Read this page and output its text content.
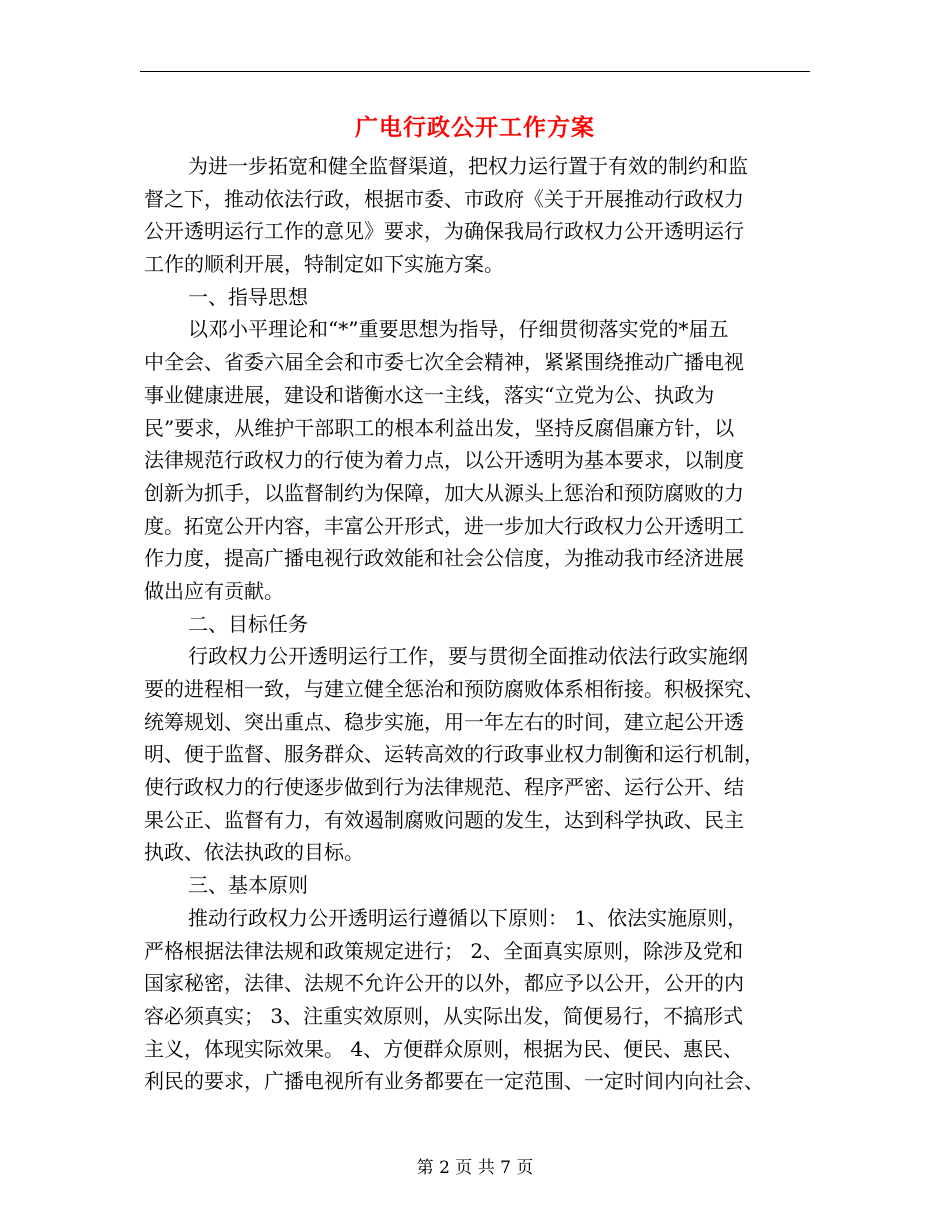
广电行政公开工作方案
为进一步拓宽和健全监督渠道，把权力运行置于有效的制约和监
督之下，推动依法行政，根据市委、市政府《关于开展推动行政权力
公开透明运行工作的意见》要求，为确保我局行政权力公开透明运行
工作的顺利开展，特制定如下实施方案。
一、指导思想
以邓小平理论和“*”重要思想为指导，仔细贯彻落实党的*届五
中全会、省委六届全会和市委七次全会精神，紧紧围绕推动广播电视
事业健康进展，建设和谐衡水这一主线，落实“立党为公、执政为
民”要求，从维护干部职工的根本利益出发，坚持反腐倡廉方针，以
法律规范行政权力的行使为着力点，以公开透明为基本要求，以制度
创新为抓手，以监督制约为保障，加大从源头上惩治和预防腐败的力
度。拓宽公开内容，丰富公开形式，进一步加大行政权力公开透明工
作力度，提高广播电视行政效能和社会公信度，为推动我市经济进展
做出应有贡献。
二、目标任务
行政权力公开透明运行工作，要与贯彻全面推动依法行政实施纲
要的进程相一致，与建立健全惩治和预防腐败体系相衔接。积极探究、
统筹规划、突出重点、稳步实施，用一年左右的时间，建立起公开透
明、便于监督、服务群众、运转高效的行政事业权力制衡和运行机制，
使行政权力的行使逐步做到行为法律规范、程序严密、运行公开、结
果公正、监督有力，有效遏制腐败问题的发生，达到科学执政、民主
执政、依法执政的目标。
三、基本原则
推动行政权力公开透明运行遵循以下原则： 1、依法实施原则，
严格根据法律法规和政策规定进行； 2、全面真实原则，除涉及党和
国家秘密，法律、法规不允许公开的以外，都应予以公开，公开的内
容必须真实； 3、注重实效原则，从实际出发，简便易行，不搞形式
主义，体现实际效果。 4、方便群众原则，根据为民、便民、惠民、
利民的要求，广播电视所有业务都要在一定范围、一定时间内向社会、
第 2 页 共 7 页
